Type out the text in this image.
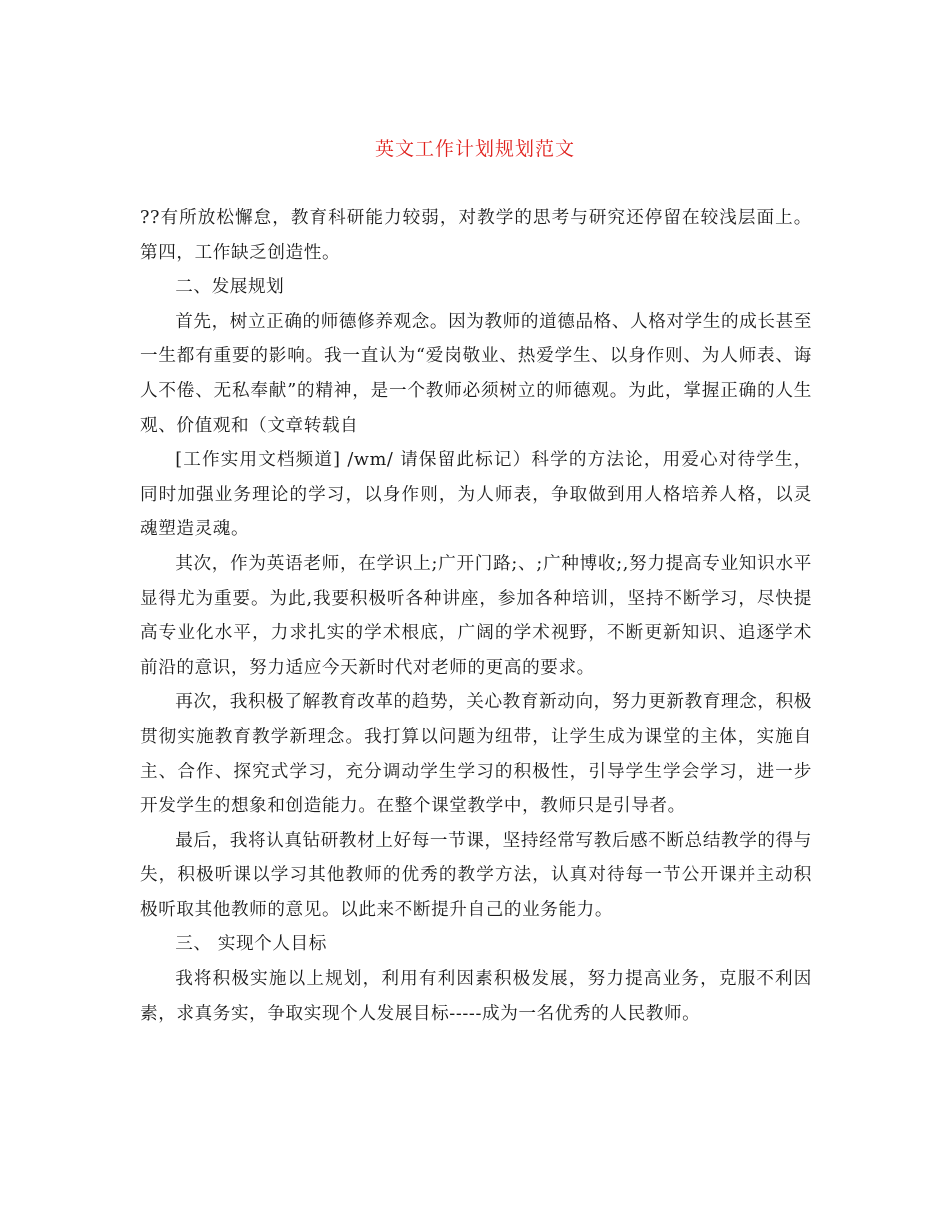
英文工作计划规划范文

??有所放松懈怠，教育科研能力较弱，对教学的思考与研究还停留在较浅层面上。第四，工作缺乏创造性。

二、发展规划

首先，树立正确的师德修养观念。因为教师的道德品格、人格对学生的成长甚至一生都有重要的影响。我一直认为“爱岗敬业、热爱学生、以身作则、为人师表、诲人不倦、无私奉献”的精神，是一个教师必须树立的师德观。为此，掌握正确的人生观、价值观和（文章转载自

[工作实用文档频道] /wm/ 请保留此标记）科学的方法论，用爱心对待学生，同时加强业务理论的学习，以身作则，为人师表，争取做到用人格培养人格，以灵魂塑造灵魂。

其次，作为英语老师，在学识上;广开门路;、;广种博收;,努力提高专业知识水平显得尤为重要。为此,我要积极听各种讲座，参加各种培训，坚持不断学习，尽快提高专业化水平，力求扎实的学术根底，广阔的学术视野，不断更新知识、追逐学术前沿的意识，努力适应今天新时代对老师的更高的要求。

再次，我积极了解教育改革的趋势，关心教育新动向，努力更新教育理念，积极贯彻实施教育教学新理念。我打算以问题为纽带，让学生成为课堂的主体，实施自主、合作、探究式学习，充分调动学生学习的积极性，引导学生学会学习，进一步开发学生的想象和创造能力。在整个课堂教学中，教师只是引导者。

最后，我将认真钻研教材上好每一节课，坚持经常写教后感不断总结教学的得与失，积极听课以学习其他教师的优秀的教学方法，认真对待每一节公开课并主动积极听取其他教师的意见。以此来不断提升自己的业务能力。

三、 实现个人目标

我将积极实施以上规划，利用有利因素积极发展，努力提高业务，克服不利因素，求真务实，争取实现个人发展目标-----成为一名优秀的人民教师。
